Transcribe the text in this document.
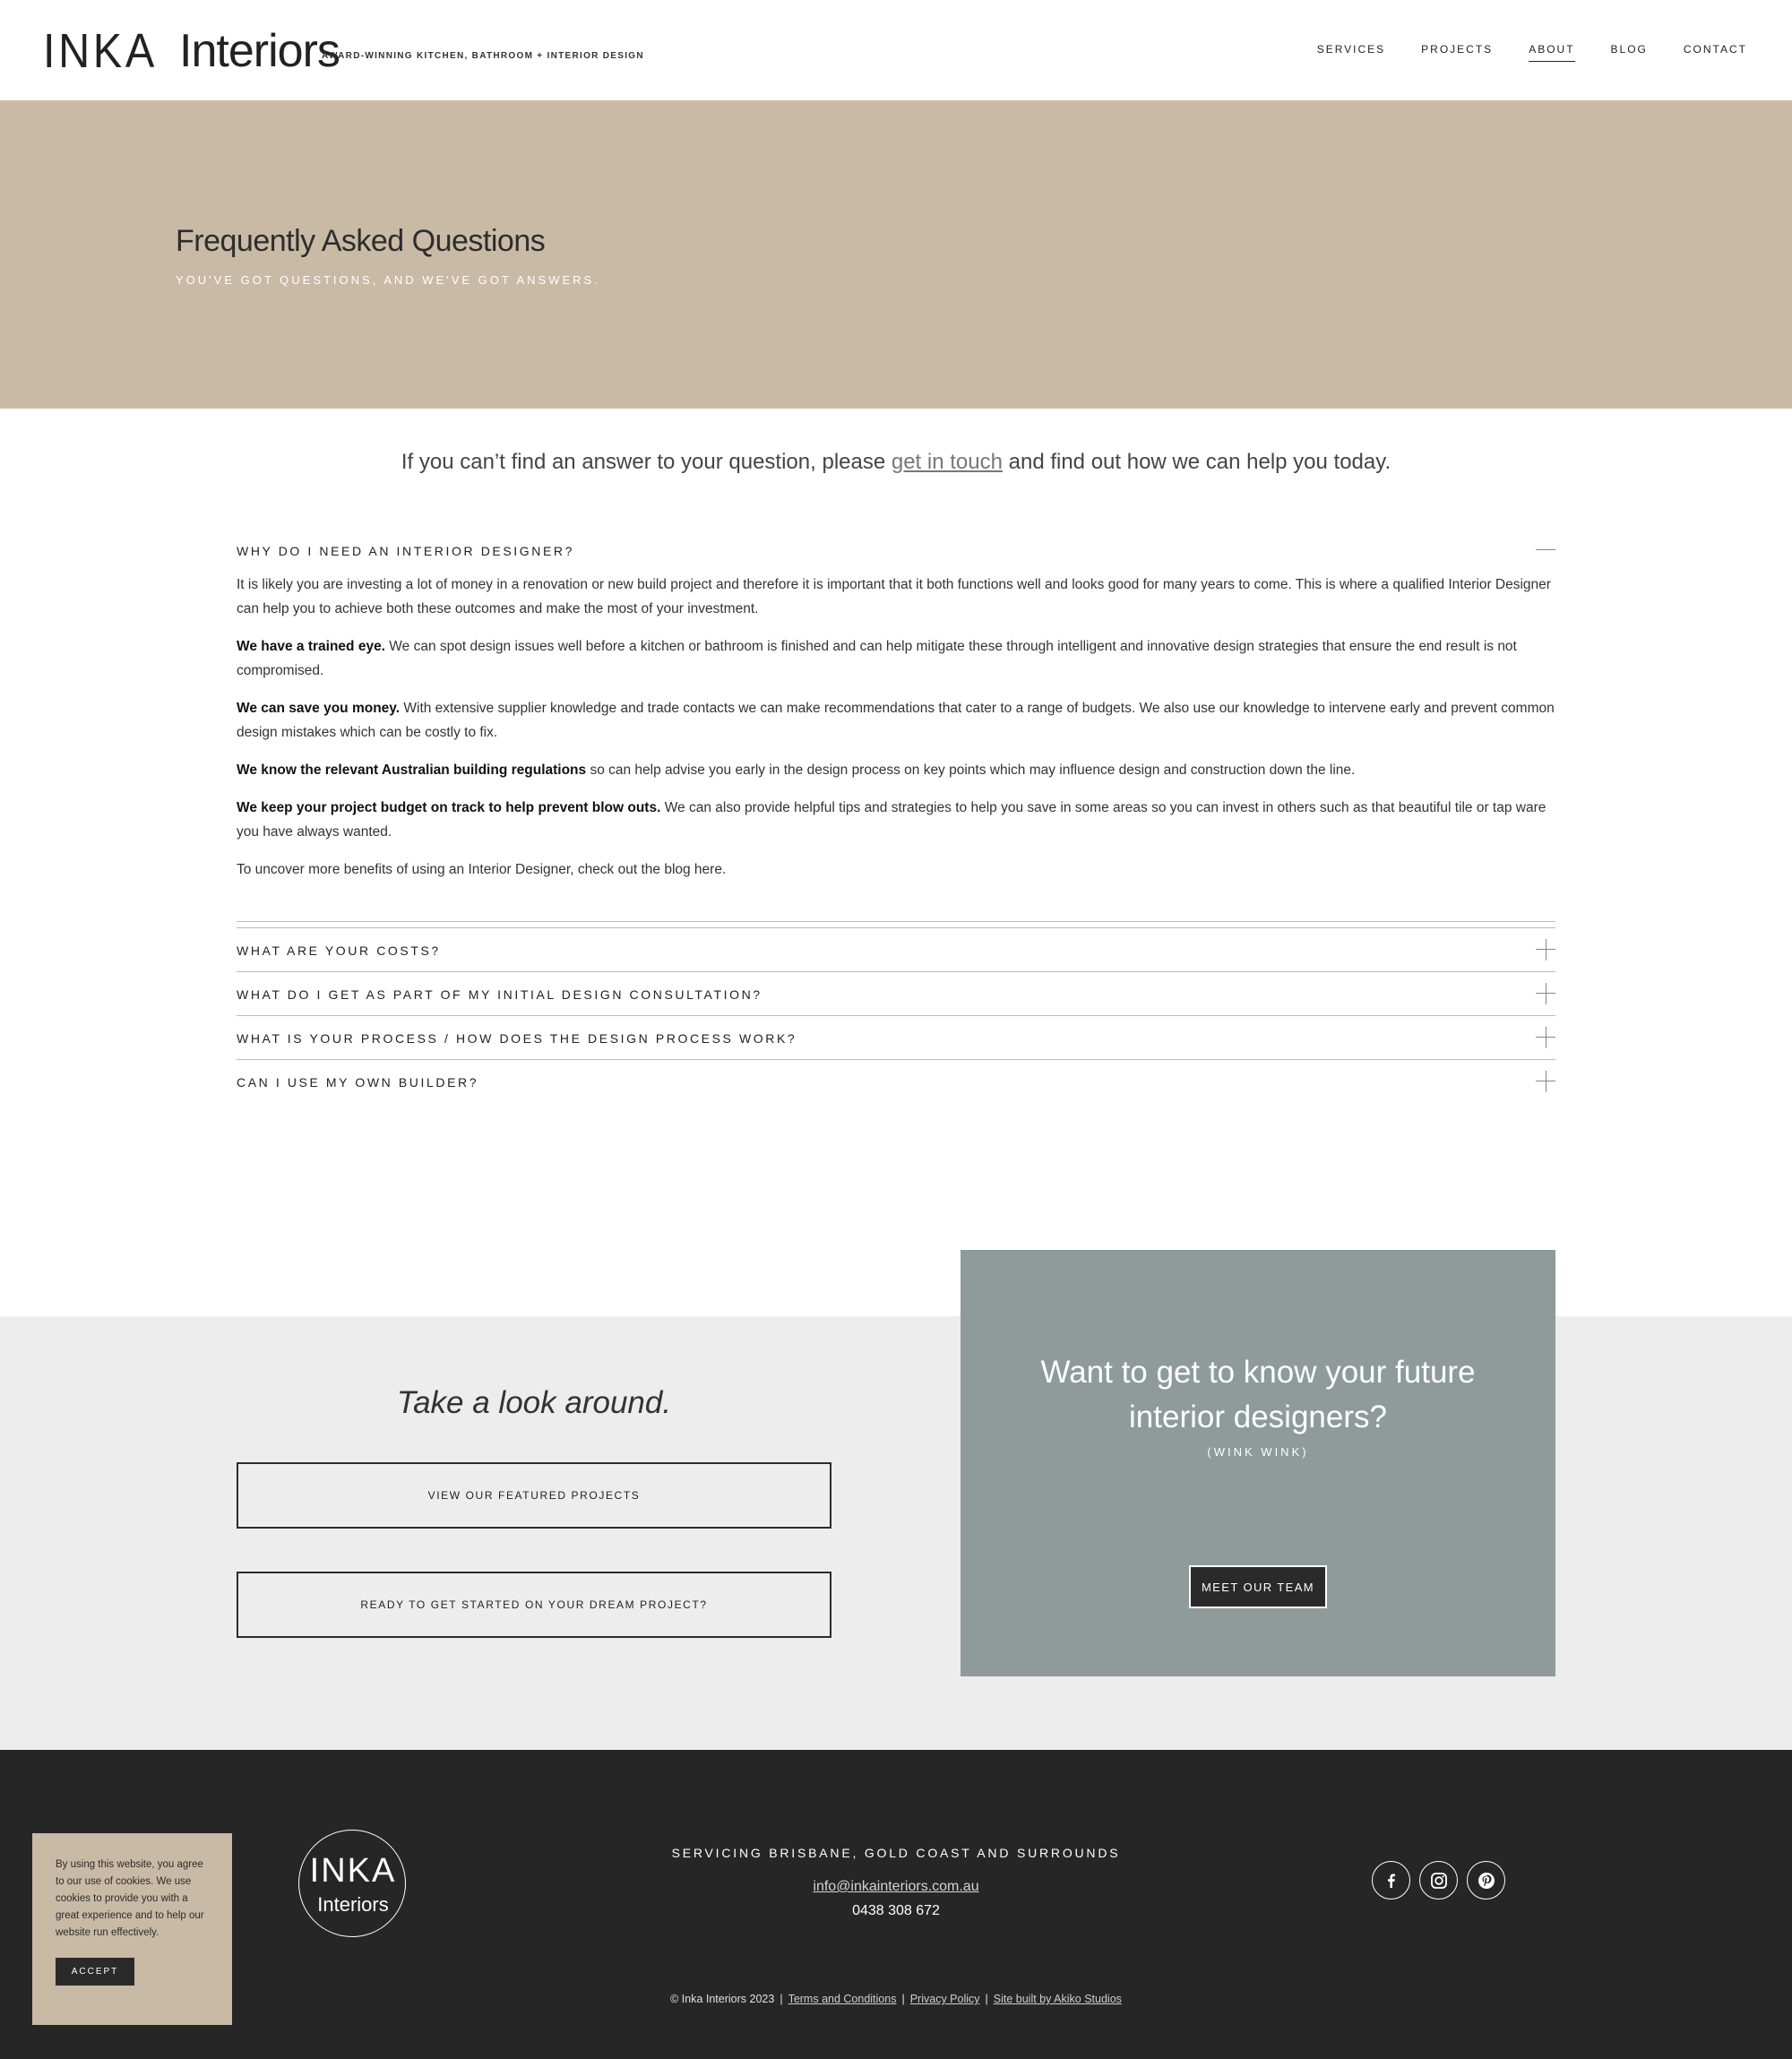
INKA Interiors
AWARD-WINNING KITCHEN, BATHROOM + INTERIOR DESIGN
SERVICES	PROJECTS	ABOUT	BLOG	CONTACT
Frequently Asked Questions
YOU'VE GOT QUESTIONS, AND WE'VE GOT ANSWERS.
If you can’t find an answer to your question, please get in touch and find out how we can help you today.
WHY DO I NEED AN INTERIOR DESIGNER?

It is likely you are investing a lot of money in a renovation or new build project and therefore it is important that it both functions well and looks good for many years to come. This is where a qualified Interior Designer can help you to achieve both these outcomes and make the most of your investment.

We have a trained eye. We can spot design issues well before a kitchen or bathroom is finished and can help mitigate these through intelligent and innovative design strategies that ensure the end result is not compromised.

We can save you money. With extensive supplier knowledge and trade contacts we can make recommendations that cater to a range of budgets. We also use our knowledge to intervene early and prevent common design mistakes which can be costly to fix.

We know the relevant Australian building regulations so can help advise you early in the design process on key points which may influence design and construction down the line.

We keep your project budget on track to help prevent blow outs. We can also provide helpful tips and strategies to help you save in some areas so you can invest in others such as that beautiful tile or tap ware you have always wanted.

To uncover more benefits of using an Interior Designer, check out the blog here.

WHAT ARE YOUR COSTS?
WHAT DO I GET AS PART OF MY INITIAL DESIGN CONSULTATION?
WHAT IS YOUR PROCESS / HOW DOES THE DESIGN PROCESS WORK?
CAN I USE MY OWN BUILDER?
Take a look around.
VIEW OUR FEATURED PROJECTS
READY TO GET STARTED ON YOUR DREAM PROJECT?
Want to get to know your future
interior designers?
(WINK WINK)
MEET OUR TEAM

By using this website, you agree to our use of cookies. We use cookies to provide you with a great experience and to help our website run effectively.

ACCEPT
INKA
Interiors
SERVICING BRISBANE, GOLD COAST AND SURROUNDS
info@inkainteriors.com.au
0438 308 672
© Inka Interiors 2023 | Terms and Conditions | Privacy Policy | Site built by Akiko Studios
